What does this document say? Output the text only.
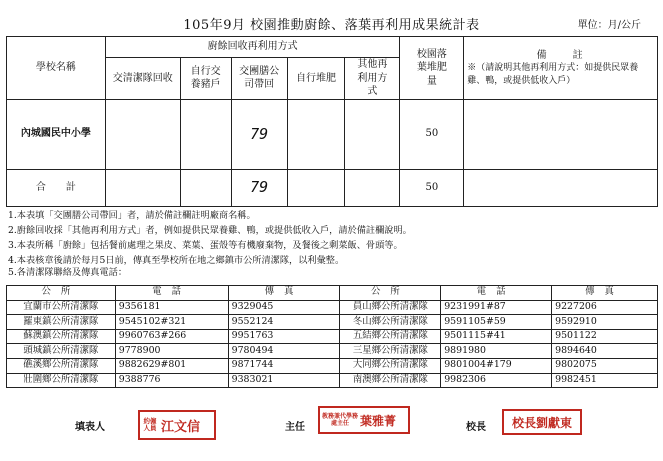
105年9月 校園推動廚餘、落葉再利用成果統計表	單位：月/公斤
學校名稱	廚餘回收再利用方式					校園落葉堆肥量	備　　註
※（請說明其他再利用方式：如提供民眾養雞、鴨，或提供低收入戶）

	交清潔隊回收	自行交養豬戶	交團膳公司帶回	自行堆肥	其他再利用方式		
內城國民中小學			79			50	
合　　計			79			50	
1.本表填「交團膳公司帶回」者，請於備註欄註明廠商名稱。
2.廚餘回收採「其他再利用方式」者，例如提供民眾養雞、鴨，或提供低收入戶，請於備註欄說明。
3.本表所稱「廚餘」包括餐前處理之果皮、菜葉、蛋殼等有機廢棄物，及餐後之剩菜飯、骨頭等。
4.本表核章後請於每月5日前，傳真至學校所在地之鄉鎮市公所清潔隊，以利彙整。
5.各清潔隊聯絡及傳真電話：
公所	電話	傳真	公所	電話	傳真
宜蘭市公所清潔隊	9356181	9329045	員山鄉公所清潔隊	9231991#87	9227206
羅東鎮公所清潔隊	9545102#321	9552124	冬山鄉公所清潔隊	9591105#59	9592910
蘇澳鎮公所清潔隊	9960763#266	9951763	五結鄉公所清潔隊	9501115#41	9501122
頭城鎮公所清潔隊	9778900	9780494	三星鄉公所清潔隊	9891980	9894640
礁溪鄉公所清潔隊	9882629#801	9871744	大同鄉公所清潔隊	9801004#179	9802075
壯圍鄉公所清潔隊	9388776	9383021	南澳鄉公所清潔隊	9982306	9982451
填表人
約僱人員 江文信	主任
教務兼代學務處主任 葉雅菁	校長 校長劉獻東
